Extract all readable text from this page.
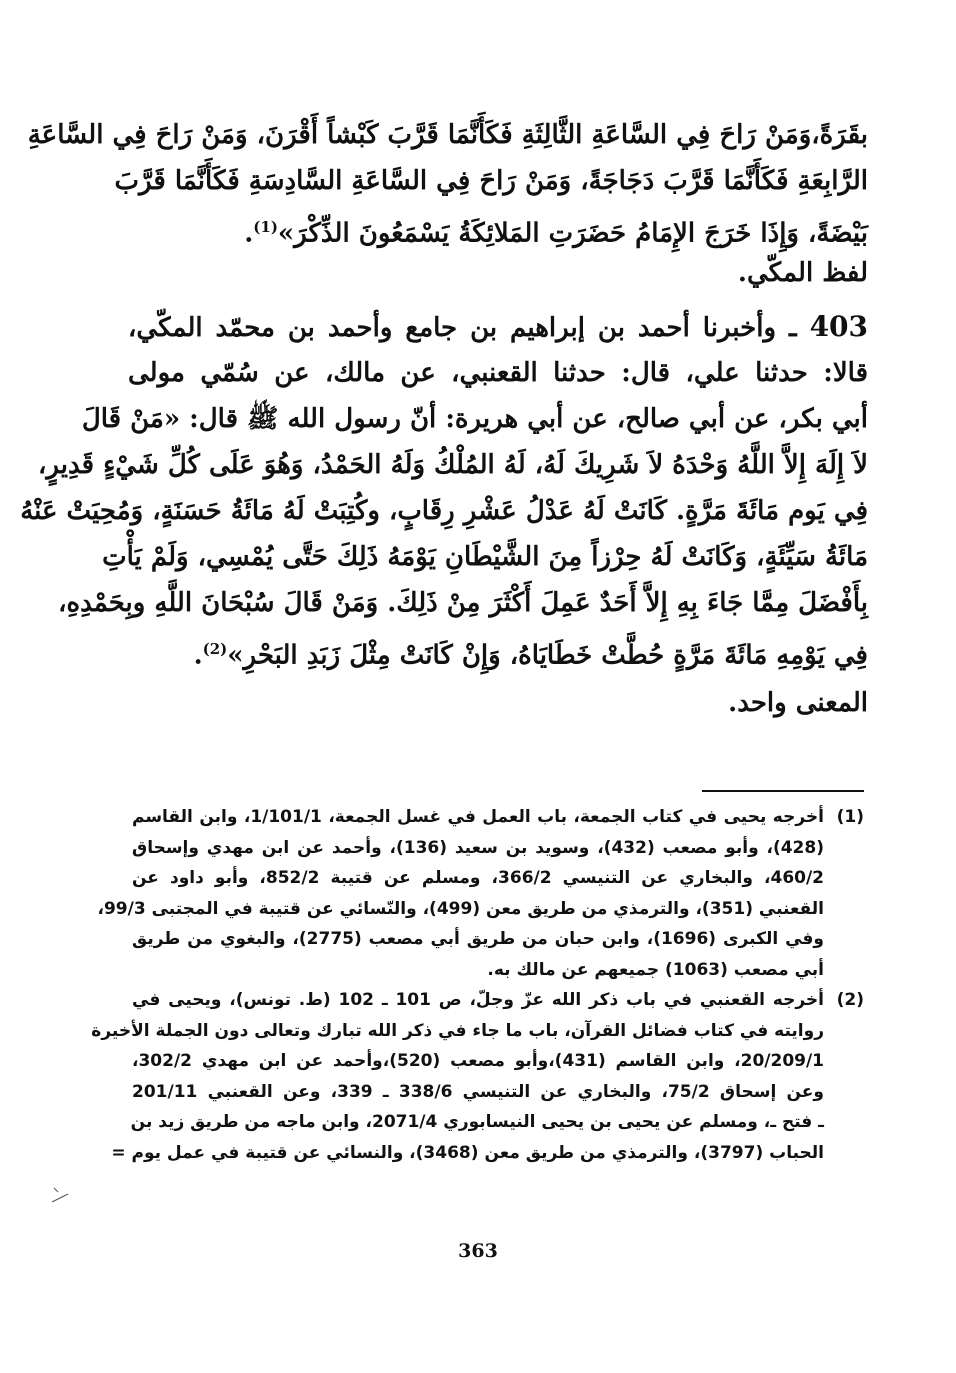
بقَرَةً،وَمَنْ رَاحَ فِي السَّاعَةِ الثَّالِثَةِ فَكَأَنَّمَا قَرَّبَ كَبْشاً أَقْرَنَ، وَمَنْ رَاحَ فِي السَّاعَةِ
الرَّابِعَةِ فَكَأَنَّمَا قَرَّبَ دَجَاجَةً، وَمَنْ رَاحَ فِي السَّاعَةِ السَّادِسَةِ فَكَأَنَّمَا قَرَّبَ
بَيْضَةً، وَإِذَا خَرَجَ الإِمَامُ حَضَرَتِ المَلائِكَةُ يَسْمَعُونَ الذِّكْرَ»$^{(1)}$.
لفظ المكّي.
403 ـ وأخبرنا أحمد بن إبراهيم بن جامع وأحمد بن محمّد المكّي،
قالا: حدثنا علي، قال: حدثنا القعنبي، عن مالك، عن سُمّي مولى
أبي بكر، عن أبي صالح، عن أبي هريرة: أنّ رسول الله ﷺ قال: «مَنْ قَالَ
لاَ إِلَهَ إِلاَّ اللَّهُ وَحْدَهُ لاَ شَرِيكَ لَهُ، لَهُ المُلْكُ وَلَهُ الحَمْدُ، وَهُوَ عَلَى كُلِّ شَيْءٍ قَدِيرٍ،
فِي يَوم مَائَةَ مَرَّةٍ. كَانَتْ لَهُ عَدْلُ عَشْرِ رِقَابٍ، وكُتِبَتْ لَهُ مَائَةُ حَسَنَةٍ، وَمُحِيَتْ عَنْهُ
مَائَةُ سَيِّئَةٍ، وَكَانَتْ لَهُ حِرْزاً مِنَ الشَّيْطَانِ يَوْمَهُ ذَلِكَ حَتَّى يُمْسِي، وَلَمْ يَأْتِ
بِأَفْضَلَ مِمَّا جَاءَ بِهِ إِلاَّ أَحَدٌ عَمِلَ أَكْثَرَ مِنْ ذَلِكَ. وَمَنْ قَالَ سُبْحَانَ اللَّهِ وبِحَمْدِهِ،
فِي يَوْمِهِ مَائَةَ مَرَّةٍ حُطَّتْ خَطَايَاهُ، وَإِنْ كَانَتْ مِثْلَ زَبَدِ البَحْرِ»$^{(2)}$.
المعنى واحد.
(1)
أخرجه يحيى في كتاب الجمعة، باب العمل في غسل الجمعة، 1/101/1، وابن القاسم
(428)، وأبو مصعب (432)، وسويد بن سعيد (136)، وأحمد عن ابن مهدي وإسحاق
460/2، والبخاري عن التنيسي 366/2، ومسلم عن قتيبة 852/2، وأبو داود عن
القعنبي (351)، والترمذي من طريق معن (499)، والنّسائي عن قتيبة في المجتبى 99/3،
وفي الكبرى (1696)، وابن حبان من طريق أبي مصعب (2775)، والبغوي من طريق
أبي مصعب (1063) جميعهم عن مالك به.
(2)
أخرجه القعنبي في باب ذكر الله عزّ وجلّ، ص 101 ـ 102 (ط. تونس)، ويحيى في
روايته في كتاب فضائل القرآن، باب ما جاء في ذكر الله تبارك وتعالى دون الجملة الأخيرة
20/209/1، وابن القاسم (431)،وأبو مصعب (520)،وأحمد عن ابن مهدي 302/2،
وعن إسحاق 75/2، والبخاري عن التنيسي 338/6 ـ 339، وعن القعنبي 201/11
ـ فتح ـ، ومسلم عن يحيى بن يحيى النيسابوري 2071/4، وابن ماجه من طريق زيد بن
الحباب (3797)، والترمذي من طريق معن (3468)، والنسائي عن قتيبة في عمل يوم =
363
